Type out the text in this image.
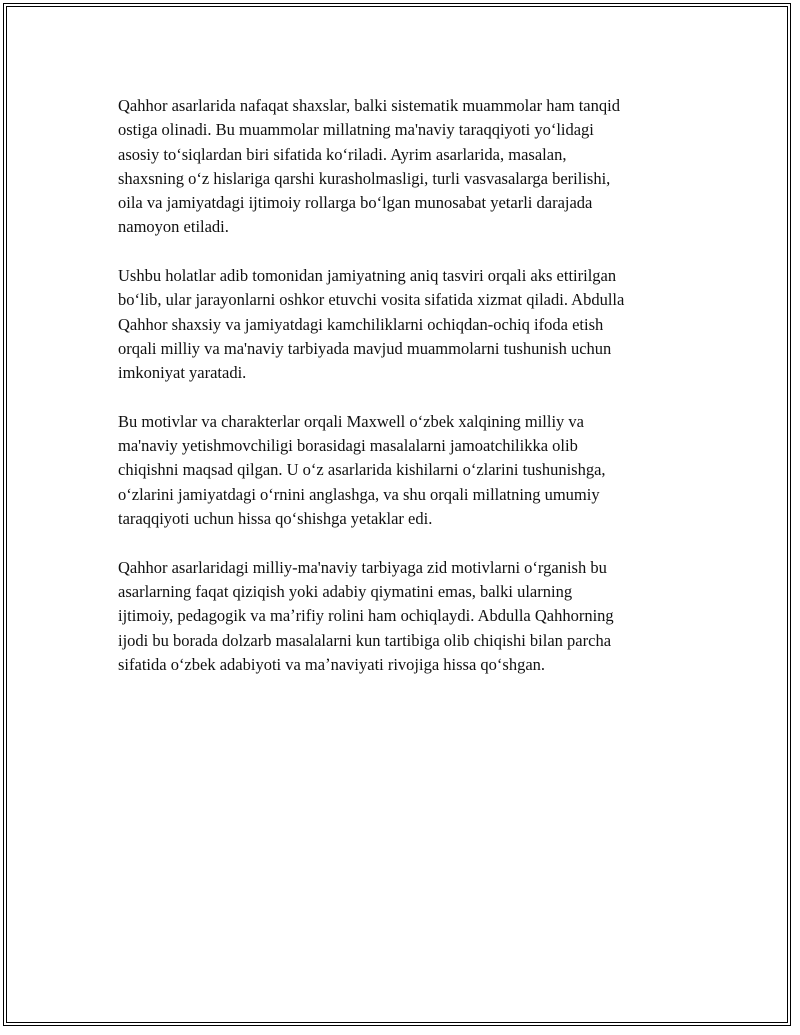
Qahhor asarlarida nafaqat shaxslar, balki sistematik muammolar ham tanqid
ostiga olinadi. Bu muammolar millatning ma'naviy taraqqiyoti yoʻlidagi
asosiy toʻsiqlardan biri sifatida koʻriladi. Ayrim asarlarida, masalan,
shaxsning oʻz hislariga qarshi kurasholmasligi, turli vasvasalarga berilishi,
oila va jamiyatdagi ijtimoiy rollarga boʻlgan munosabat yetarli darajada
namoyon etiladi.

Ushbu holatlar adib tomonidan jamiyatning aniq tasviri orqali aks ettirilgan
boʻlib, ular jarayonlarni oshkor etuvchi vosita sifatida xizmat qiladi. Abdulla
Qahhor shaxsiy va jamiyatdagi kamchiliklarni ochiqdan-ochiq ifoda etish
orqali milliy va ma'naviy tarbiyada mavjud muammolarni tushunish uchun
imkoniyat yaratadi.

Bu motivlar va charakterlar orqali Maxwell oʻzbek xalqining milliy va
ma'naviy yetishmovchiligi borasidagi masalalarni jamoatchilikka olib
chiqishni maqsad qilgan. U oʻz asarlarida kishilarni oʻzlarini tushunishga,
oʻzlarini jamiyatdagi oʻrnini anglashga, va shu orqali millatning umumiy
taraqqiyoti uchun hissa qoʻshishga yetaklar edi.

Qahhor asarlaridagi milliy-ma'naviy tarbiyaga zid motivlarni oʻrganish bu
asarlarning faqat qiziqish yoki adabiy qiymatini emas, balki ularning
ijtimoiy, pedagogik va maʼrifiy rolini ham ochiqlaydi. Abdulla Qahhorning
ijodi bu borada dolzarb masalalarni kun tartibiga olib chiqishi bilan parcha
sifatida oʻzbek adabiyoti va maʼnaviyati rivojiga hissa qoʻshgan.
